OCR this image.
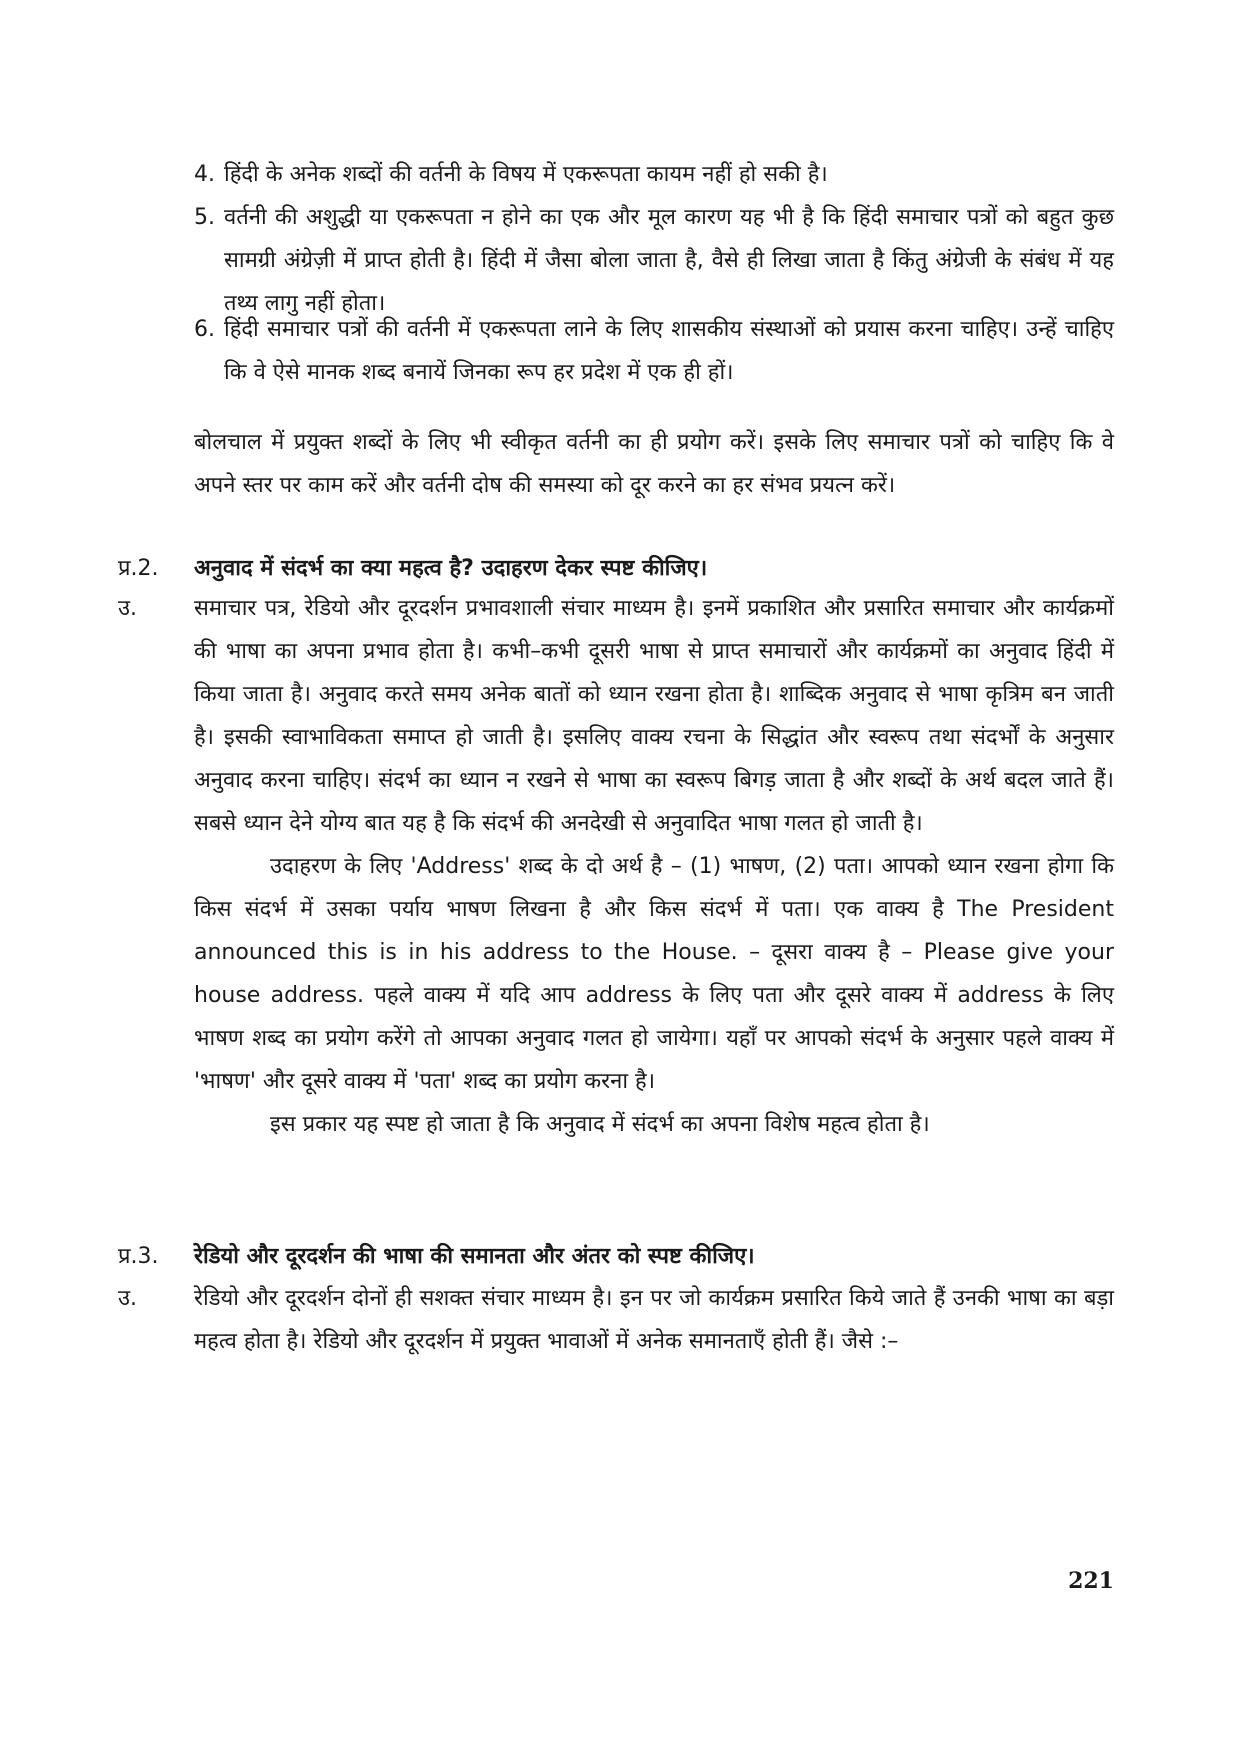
4. हिंदी के अनेक शब्दों की वर्तनी के विषय में एकरूपता कायम नहीं हो सकी है।
5. वर्तनी की अशुद्धी या एकरूपता न होने का एक और मूल कारण यह भी है कि हिंदी समाचार पत्रों को बहुत कुछ सामग्री अंग्रेज़ी में प्राप्त होती है। हिंदी में जैसा बोला जाता है, वैसे ही लिखा जाता है किंतु अंग्रेजी के संबंध में यह तथ्य लागु नहीं होता।
6. हिंदी समाचार पत्रों की वर्तनी में एकरूपता लाने के लिए शासकीय संस्थाओं को प्रयास करना चाहिए। उन्हें चाहिए कि वे ऐसे मानक शब्द बनायें जिनका रूप हर प्रदेश में एक ही हों।
बोलचाल में प्रयुक्त शब्दों के लिए भी स्वीकृत वर्तनी का ही प्रयोग करें। इसके लिए समाचार पत्रों को चाहिए कि वे अपने स्तर पर काम करें और वर्तनी दोष की समस्या को दूर करने का हर संभव प्रयत्न करें।
प्र.2.	अनुवाद में संदर्भ का क्या महत्व है? उदाहरण देकर स्पष्ट कीजिए।
उ.	समाचार पत्र, रेडियो और दूरदर्शन प्रभावशाली संचार माध्यम है। इनमें प्रकाशित और प्रसारित समाचार और कार्यक्रमों की भाषा का अपना प्रभाव होता है। कभी–कभी दूसरी भाषा से प्राप्त समाचारों और कार्यक्रमों का अनुवाद हिंदी में किया जाता है। अनुवाद करते समय अनेक बातों को ध्यान रखना होता है। शाब्दिक अनुवाद से भाषा कृत्रिम बन जाती है। इसकी स्वाभाविकता समाप्त हो जाती है। इसलिए वाक्य रचना के सिद्धांत और स्वरूप तथा संदर्भों के अनुसार अनुवाद करना चाहिए। संदर्भ का ध्यान न रखने से भाषा का स्वरूप बिगड़ जाता है और शब्दों के अर्थ बदल जाते हैं। सबसे ध्यान देने योग्य बात यह है कि संदर्भ की अनदेखी से अनुवादित भाषा गलत हो जाती है।
उदाहरण के लिए 'Address' शब्द के दो अर्थ है – (1) भाषण, (2) पता। आपको ध्यान रखना होगा कि किस संदर्भ में उसका पर्याय भाषण लिखना है और किस संदर्भ में पता। एक वाक्य है The President announced this is in his address to the House. – दूसरा वाक्य है – Please give your house address. पहले वाक्य में यदि आप address के लिए पता और दूसरे वाक्य में address के लिए भाषण शब्द का प्रयोग करेंगे तो आपका अनुवाद गलत हो जायेगा। यहाँ पर आपको संदर्भ के अनुसार पहले वाक्य में 'भाषण' और दूसरे वाक्य में 'पता' शब्द का प्रयोग करना है।
इस प्रकार यह स्पष्ट हो जाता है कि अनुवाद में संदर्भ का अपना विशेष महत्व होता है।
प्र.3.	रेडियो और दूरदर्शन की भाषा की समानता और अंतर को स्पष्ट कीजिए।
उ.	रेडियो और दूरदर्शन दोनों ही सशक्त संचार माध्यम है। इन पर जो कार्यक्रम प्रसारित किये जाते हैं उनकी भाषा का बड़ा महत्व होता है। रेडियो और दूरदर्शन में प्रयुक्त भावाओं में अनेक समानताएँ होती हैं। जैसे :–
221
